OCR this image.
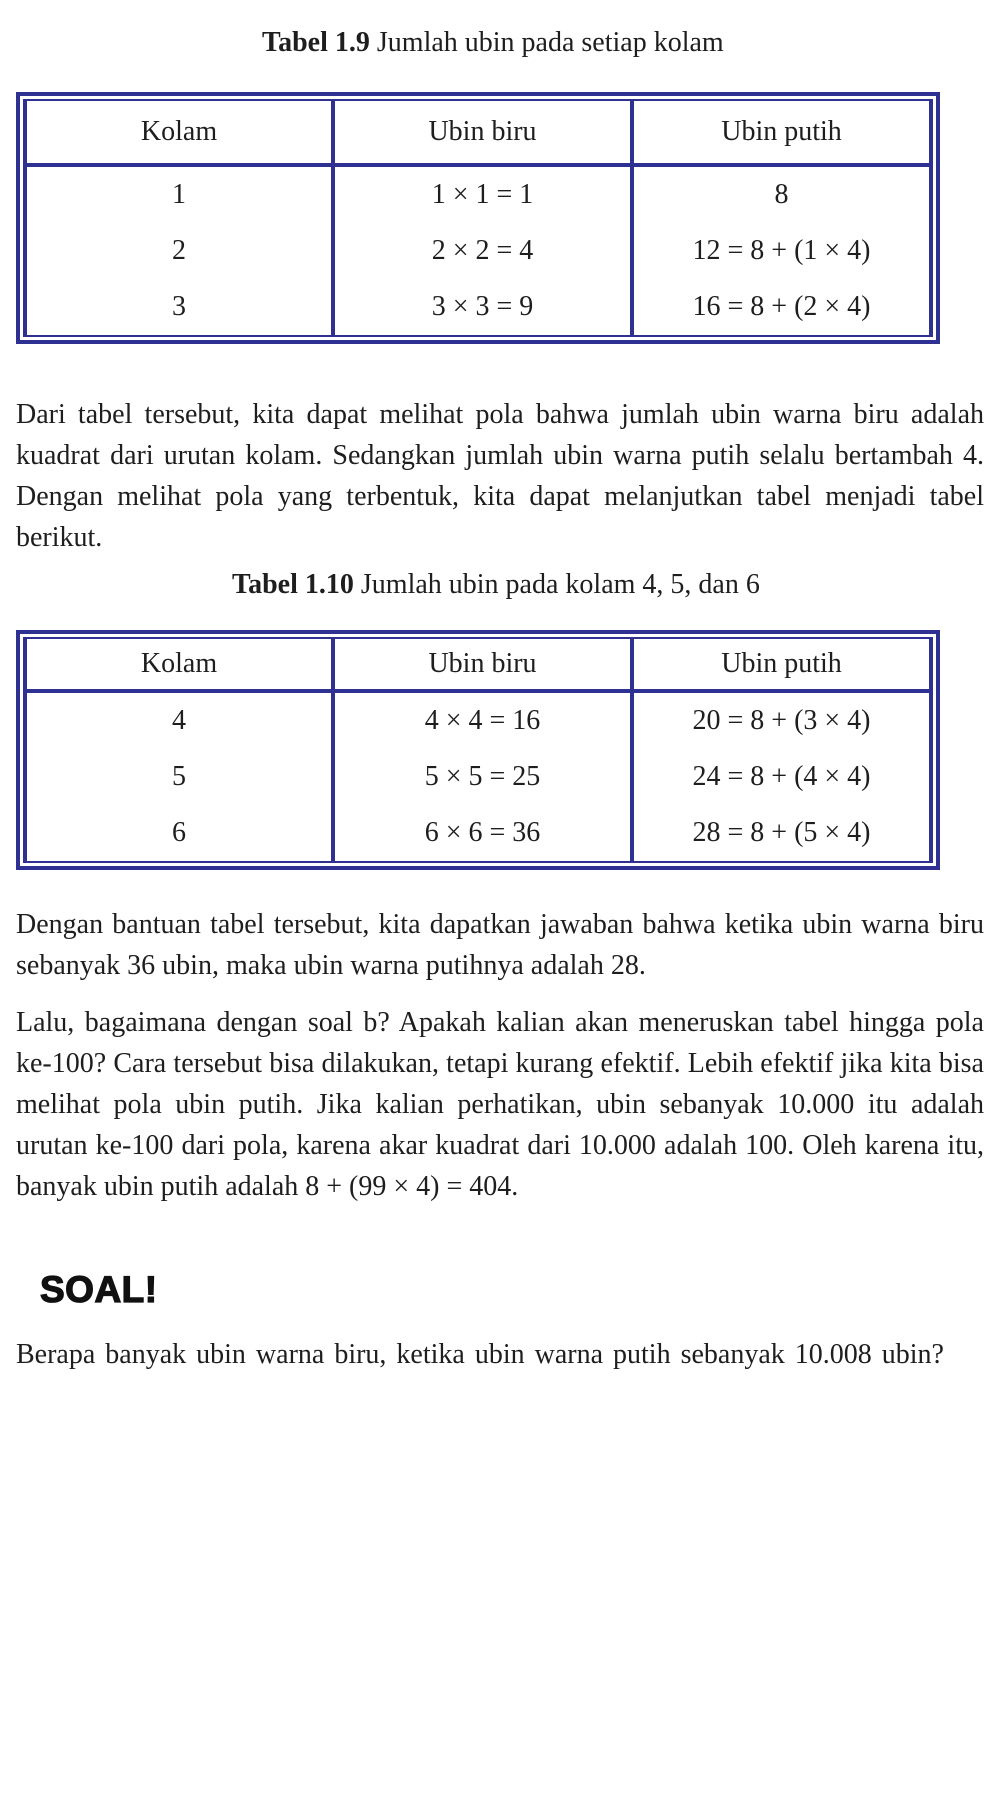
Tabel 1.9 Jumlah ubin pada setiap kolam
Kolam	Ubin biru	Ubin putih
1	1 × 1 = 1	8
2	2 × 2 = 4	12 = 8 + (1 × 4)
3	3 × 3 = 9	16 = 8 + (2 × 4)

Dari tabel tersebut, kita dapat melihat pola bahwa jumlah ubin warna biru adalah kuadrat dari urutan kolam. Sedangkan jumlah ubin warna putih selalu bertambah 4. Dengan melihat pola yang terbentuk, kita dapat melanjutkan tabel menjadi tabel berikut.

Tabel 1.10 Jumlah ubin pada kolam 4, 5, dan 6
Kolam	Ubin biru	Ubin putih
4	4 × 4 = 16	20 = 8 + (3 × 4)
5	5 × 5 = 25	24 = 8 + (4 × 4)
6	6 × 6 = 36	28 = 8 + (5 × 4)

Dengan bantuan tabel tersebut, kita dapatkan jawaban bahwa ketika ubin warna biru sebanyak 36 ubin, maka ubin warna putihnya adalah 28.

Lalu, bagaimana dengan soal b? Apakah kalian akan meneruskan tabel hingga pola ke-100? Cara tersebut bisa dilakukan, tetapi kurang efektif. Lebih efektif jika kita bisa melihat pola ubin putih. Jika kalian perhatikan, ubin sebanyak 10.000 itu adalah urutan ke-100 dari pola, karena akar kuadrat dari 10.000 adalah 100. Oleh karena itu, banyak ubin putih adalah 8 + (99 × 4) = 404.

SOAL!

Berapa banyak ubin warna biru, ketika ubin warna putih sebanyak 10.008 ubin?
